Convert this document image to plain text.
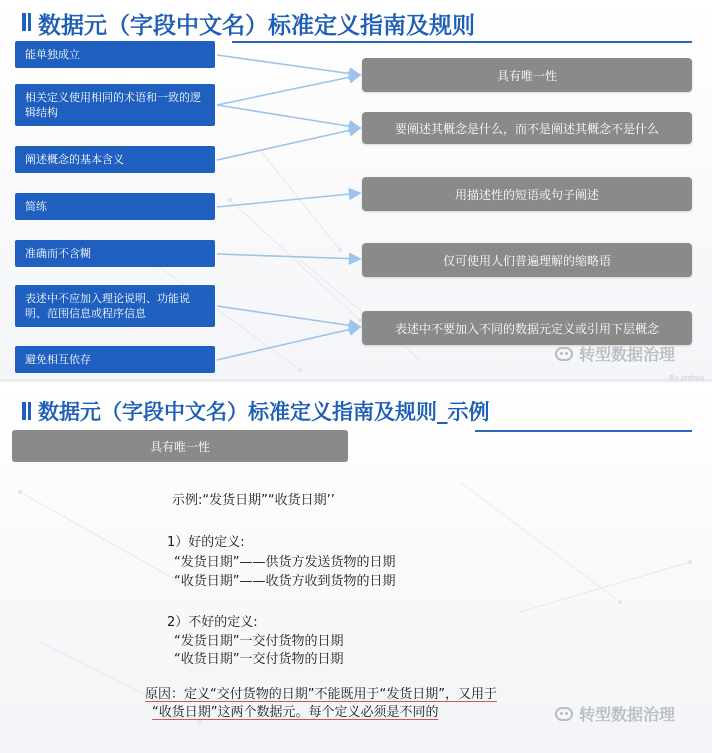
数据元（字段中文名）标准定义指南及规则
能单独成立
相关定义使用相同的术语和一致的逻辑结构
阐述概念的基本含义
简练
准确而不含糊
表述中不应加入理论说明、功能说明、范围信息或程序信息
避免相互依存
具有唯一性
要阐述其概念是什么，而不是阐述其概念不是什么
用描述性的短语或句子阐述
仅可使用人们普遍理解的缩略语
表述中不要加入不同的数据元定义或引用下层概念
转型数据治理
By Joshua
数据元（字段中文名）标准定义指南及规则_示例
具有唯一性
示例:“发货日期”“收货日期’’
1）好的定义:
“发货日期”——供货方发送货物的日期
“收货日期”——收货方收到货物的日期
2）不好的定义:
“发货日期”一交付货物的日期
“收货日期”一交付货物的日期
原因：定义“交付货物的日期”不能既用于“发货日期”，又用于
“收货日期”这两个数据元。每个定义必须是不同的	转型数据治理
